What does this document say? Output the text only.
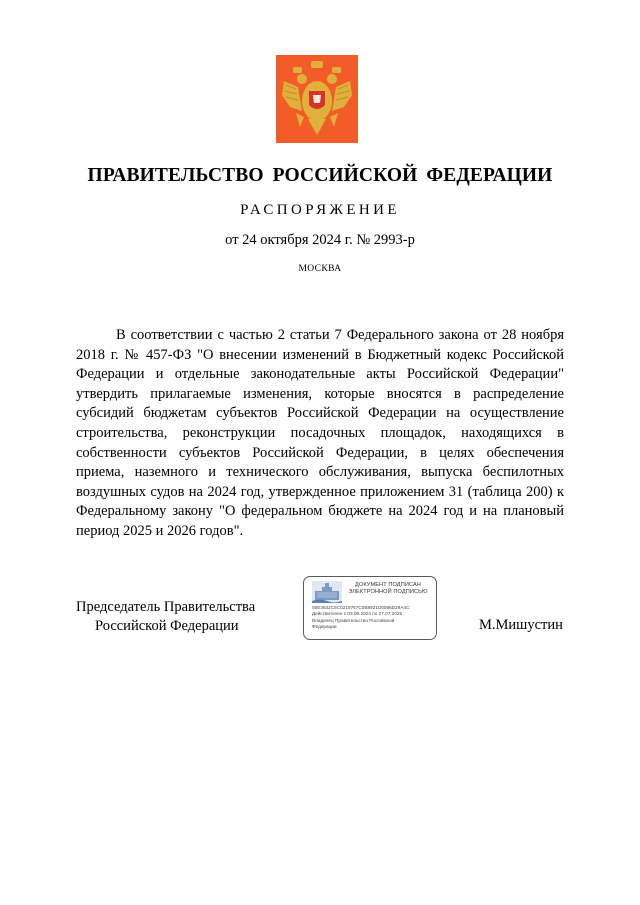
ПРАВИТЕЛЬСТВО РОССИЙСКОЙ ФЕДЕРАЦИИ
РАСПОРЯЖЕНИЕ
от 24 октября 2024 г. № 2993-р
МОСКВА

В соответствии с частью 2 статьи 7 Федерального закона от 28 ноября 2018 г. № 457-ФЗ "О внесении изменений в Бюджетный кодекс Российской Федерации и отдельные законодательные акты Российской Федерации" утвердить прилагаемые изменения, которые вносятся в распределение субсидий бюджетам субъектов Российской Федерации на осуществление строительства, реконструкции посадочных площадок, находящихся в собственности субъектов Российской Федерации, в целях обеспечения приема, наземного и технического обслуживания, выпуска беспилотных воздушных судов на 2024 год, утвержденное приложением 31 (таблица 200) к Федеральному закону "О федеральном бюджете на 2024 год и на плановый период 2025 и 2026 годов".

Председатель Правительства
Российской Федерации
ДОКУМЕНТ ПОДПИСАН
ЭЛЕКТРОННОЙ ПОДПИСЬЮ
00E3632C6C0219767C0B8921D0086D29A4C
Действителен с 03.05.2024 по 27.07.2025
Владелец Правительство Российской
Федерации	М.Мишустин
